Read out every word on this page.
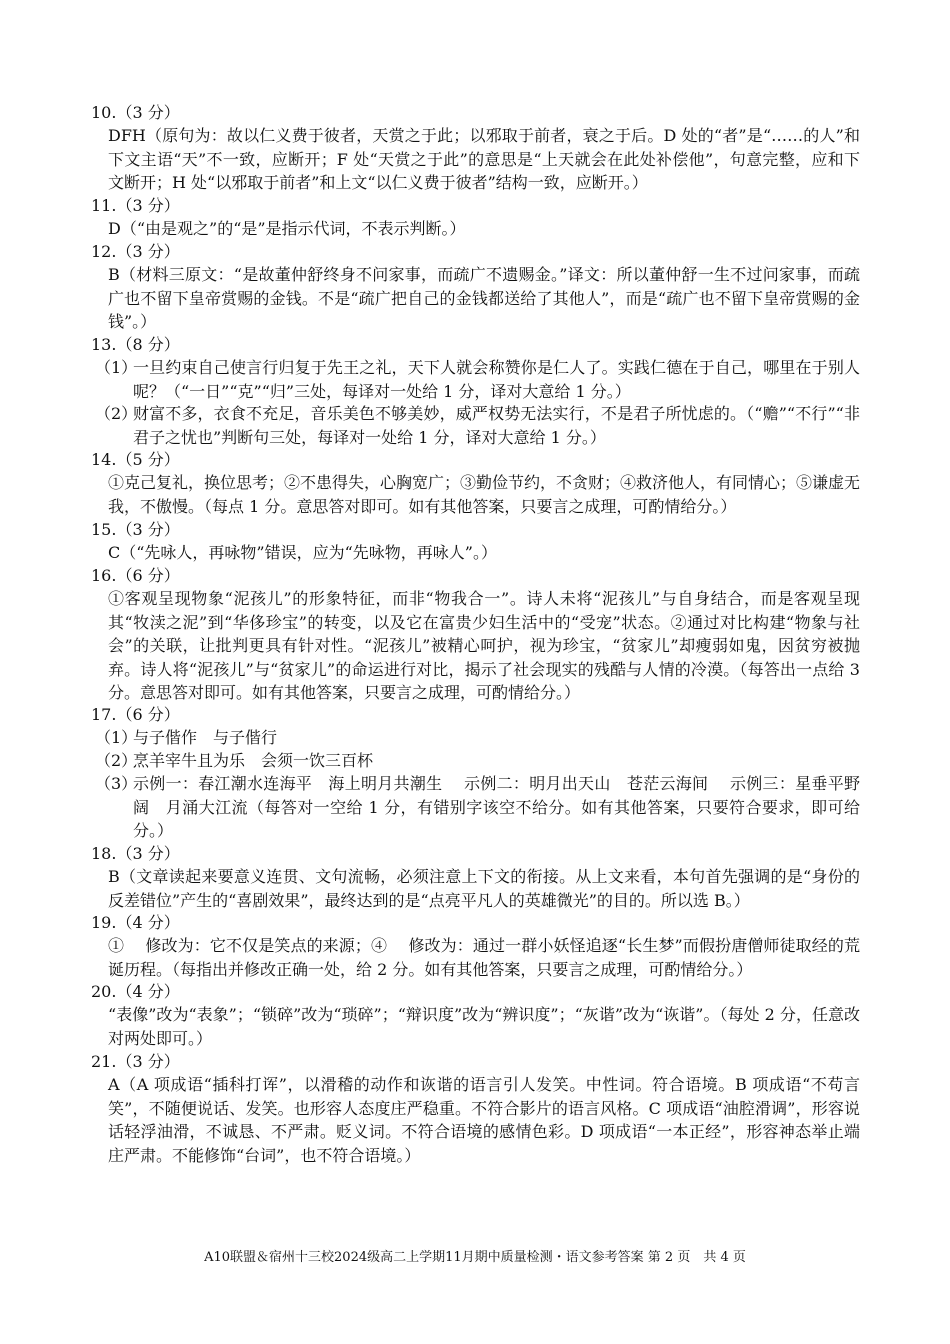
10.（3 分）
DFH（原句为：故以仁义费于彼者，天赏之于此；以邪取于前者，衰之于后。D 处的“者”是“……的人”和下文主语“天”不一致，应断开；F 处“天赏之于此”的意思是“上天就会在此处补偿他”，句意完整，应和下文断开；H 处“以邪取于前者”和上文“以仁义费于彼者”结构一致，应断开。）
11.（3 分）
D（“由是观之”的“是”是指示代词，不表示判断。）
12.（3 分）
B（材料三原文：“是故董仲舒终身不问家事，而疏广不遗赐金。”译文：所以董仲舒一生不过问家事，而疏广也不留下皇帝赏赐的金钱。不是“疏广把自己的金钱都送给了其他人”，而是“疏广也不留下皇帝赏赐的金钱”。）
13.（8 分）
（1）
一旦约束自己使言行归复于先王之礼，天下人就会称赞你是仁人了。实践仁德在于自己，哪里在于别人呢？（“一日”“克”“归”三处，每译对一处给 1 分，译对大意给 1 分。）
（2）
财富不多，衣食不充足，音乐美色不够美妙，威严权势无法实行，不是君子所忧虑的。（“赡”“不行”“非君子之忧也”判断句三处，每译对一处给 1 分，译对大意给 1 分。）
14.（5 分）
①克己复礼，换位思考；②不患得失，心胸宽广；③勤俭节约，不贪财；④救济他人，有同情心；⑤谦虚无我，不傲慢。（每点 1 分。意思答对即可。如有其他答案，只要言之成理，可酌情给分。）
15.（3 分）
C（“先咏人，再咏物”错误，应为“先咏物，再咏人”。）
16.（6 分）
①客观呈现物象“泥孩儿”的形象特征，而非“物我合一”。诗人未将“泥孩儿”与自身结合，而是客观呈现其“牧渎之泥”到“华侈珍宝”的转变，以及它在富贵少妇生活中的“受宠”状态。②通过对比构建“物象与社会”的关联，让批判更具有针对性。“泥孩儿”被精心呵护，视为珍宝，“贫家儿”却瘦弱如鬼，因贫穷被抛弃。诗人将“泥孩儿”与“贫家儿”的命运进行对比，揭示了社会现实的残酷与人情的冷漠。（每答出一点给 3 分。意思答对即可。如有其他答案，只要言之成理，可酌情给分。）
17.（6 分）
（1）
与子偕作　与子偕行
（2）
烹羊宰牛且为乐　会须一饮三百杯
（3）
示例一：春江潮水连海平　海上明月共潮生　 示例二：明月出天山　苍茫云海间　 示例三：星垂平野阔　月涌大江流（每答对一空给 1 分，有错别字该空不给分。如有其他答案，只要符合要求，即可给分。）
18.（3 分）
B（文章读起来要意义连贯、文句流畅，必须注意上下文的衔接。从上文来看，本句首先强调的是“身份的反差错位”产生的“喜剧效果”，最终达到的是“点亮平凡人的英雄微光”的目的。所以选 B。）
19.（4 分）
①　 修改为：它不仅是笑点的来源；④　 修改为：通过一群小妖怪追逐“长生梦”而假扮唐僧师徒取经的荒诞历程。（每指出并修改正确一处，给 2 分。如有其他答案，只要言之成理，可酌情给分。）
20.（4 分）
“表像”改为“表象”；“锁碎”改为“琐碎”；“辩识度”改为“辨识度”；“灰谐”改为“诙谐”。（每处 2 分，任意改对两处即可。）
21.（3 分）
A（A 项成语“插科打诨”，以滑稽的动作和诙谐的语言引人发笑。中性词。符合语境。B 项成语“不苟言笑”，不随便说话、发笑。也形容人态度庄严稳重。不符合影片的语言风格。C 项成语“油腔滑调”，形容说话轻浮油滑，不诚恳、不严肃。贬义词。不符合语境的感情色彩。D 项成语“一本正经”，形容神态举止端庄严肃。不能修饰“台词”，也不符合语境。）
A10联盟＆宿州十三校2024级高二上学期11月期中质量检测・语文参考答案 第 2 页　共 4 页
